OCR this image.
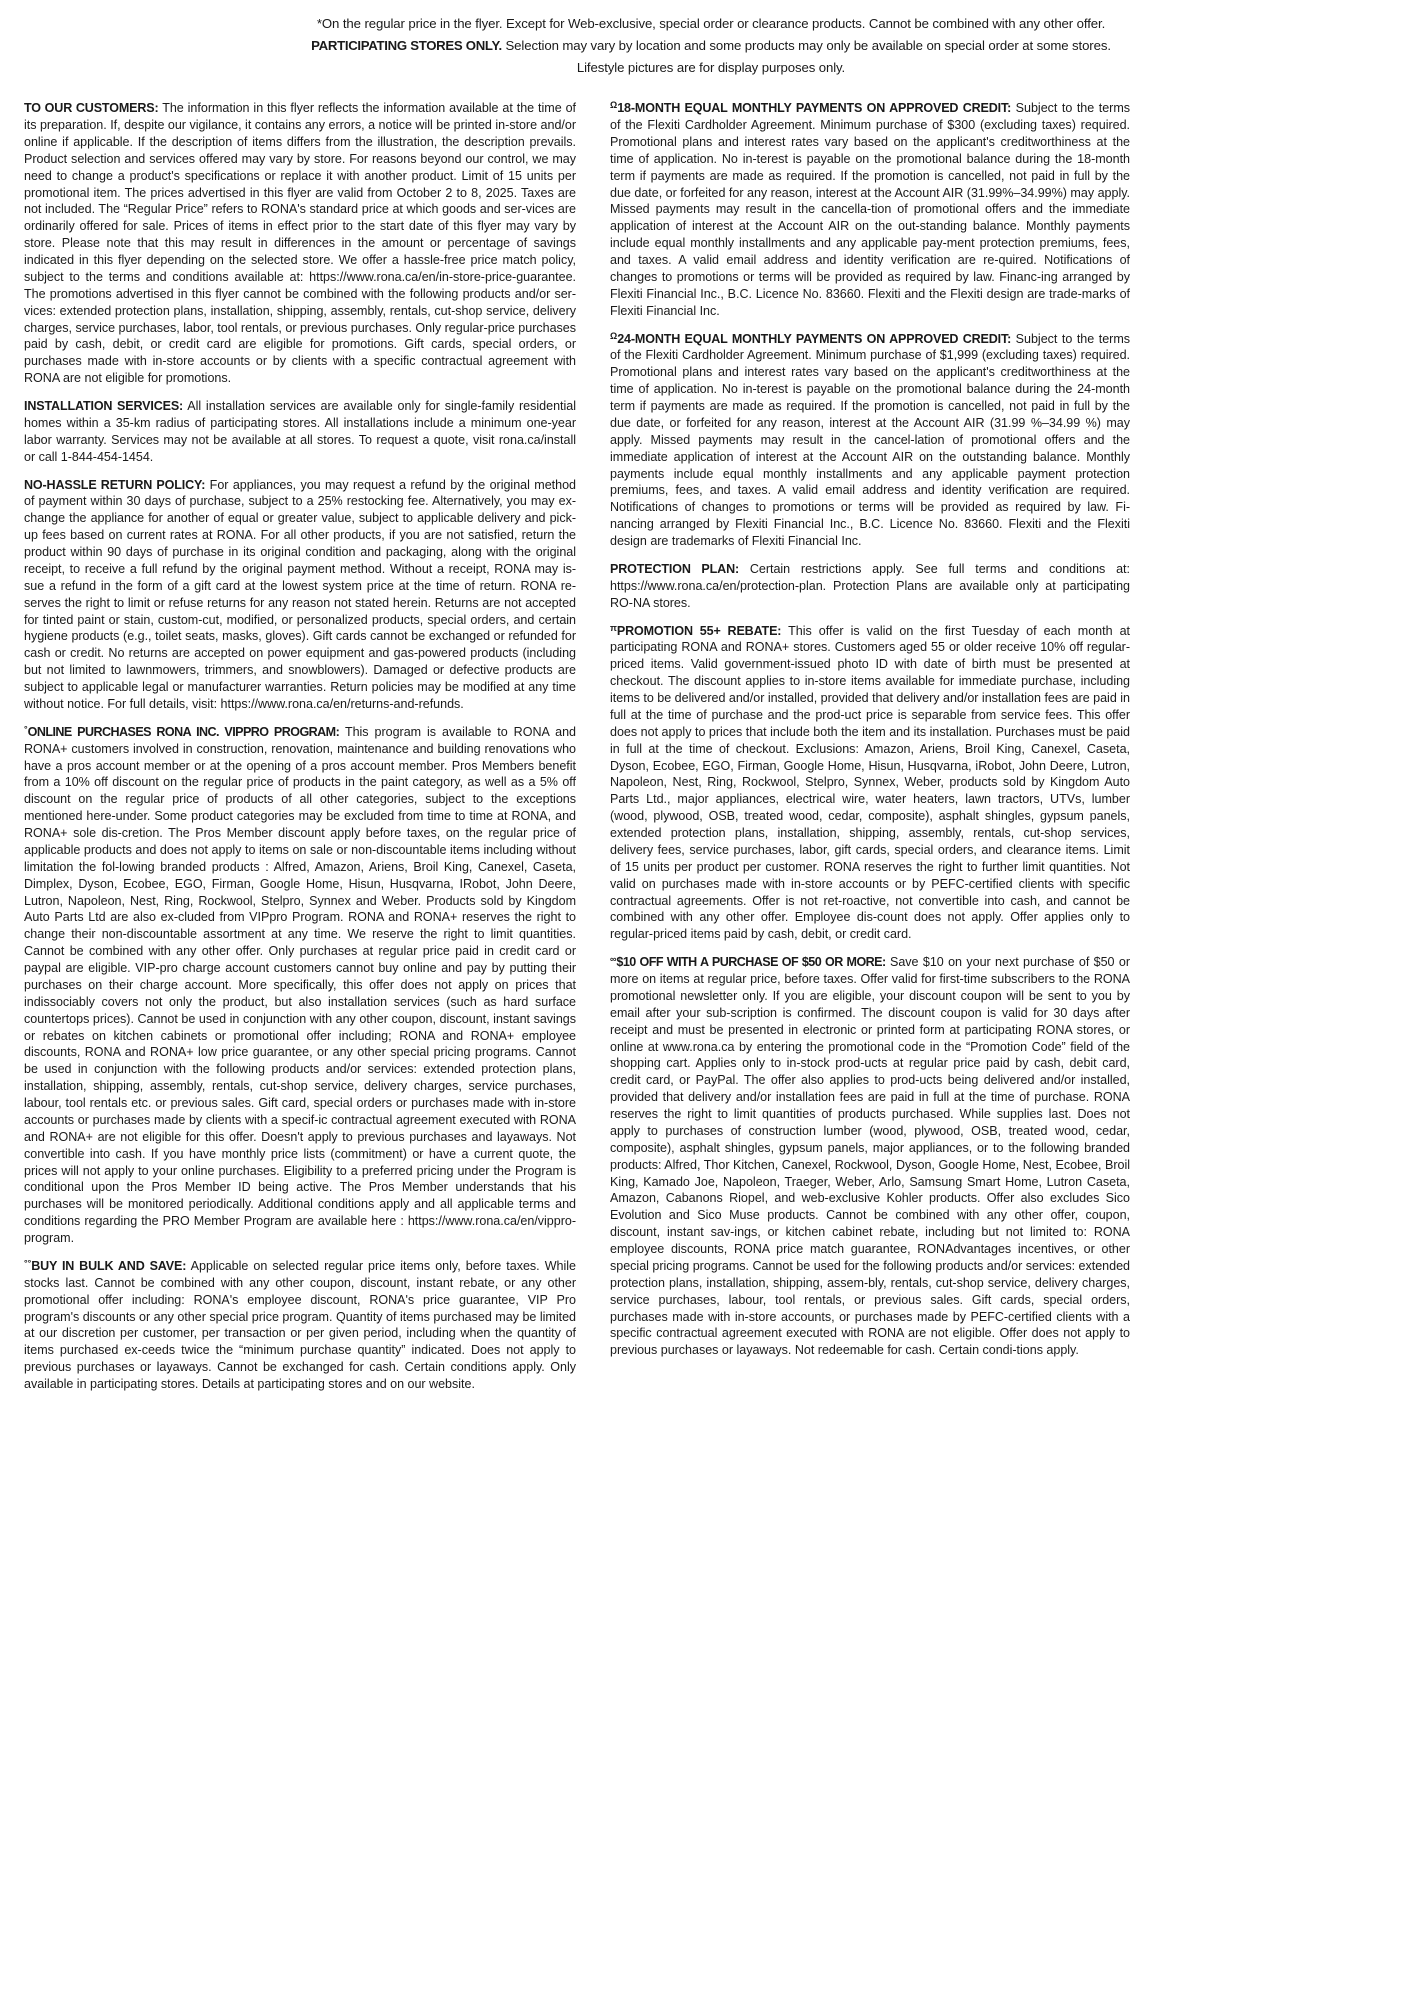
*On the regular price in the flyer. Except for Web-exclusive, special order or clearance products. Cannot be combined with any other offer.

PARTICIPATING STORES ONLY. Selection may vary by location and some products may only be available on special order at some stores.

Lifestyle pictures are for display purposes only.

TO OUR CUSTOMERS: The information in this flyer reflects the information available at the time of its preparation. If, despite our vigilance, it contains any errors, a notice will be printed in-store and/or online if applicable. If the description of items differs from the illustration, the description prevails. Product selection and services offered may vary by store. For reasons beyond our control, we may need to change a product's specifications or replace it with another product. Limit of 15 units per promotional item. The prices advertised in this flyer are valid from October 2 to 8, 2025. Taxes are not included. The “Regular Price” refers to RONA's standard price at which goods and ser-vices are ordinarily offered for sale. Prices of items in effect prior to the start date of this flyer may vary by store. Please note that this may result in differences in the amount or percentage of savings indicated in this flyer depending on the selected store. We offer a hassle-free price match policy, subject to the terms and conditions available at: https://www.rona.ca/en/in-store-price-guarantee. The promotions advertised in this flyer cannot be combined with the following products and/or ser-vices: extended protection plans, installation, shipping, assembly, rentals, cut-shop service, delivery charges, service purchases, labor, tool rentals, or previous purchases. Only regular-price purchases paid by cash, debit, or credit card are eligible for promotions. Gift cards, special orders, or purchases made with in-store accounts or by clients with a specific contractual agreement with RONA are not eligible for promotions.

INSTALLATION SERVICES: All installation services are available only for single-family residential homes within a 35-km radius of participating stores. All installations include a minimum one-year labor warranty. Services may not be available at all stores. To request a quote, visit rona.ca/install or call 1-844-454-1454.

NO-HASSLE RETURN POLICY: For appliances, you may request a refund by the original method of payment within 30 days of purchase, subject to a 25% restocking fee. Alternatively, you may ex-change the appliance for another of equal or greater value, subject to applicable delivery and pick-up fees based on current rates at RONA. For all other products, if you are not satisfied, return the product within 90 days of purchase in its original condition and packaging, along with the original receipt, to receive a full refund by the original payment method. Without a receipt, RONA may is-sue a refund in the form of a gift card at the lowest system price at the time of return. RONA re-serves the right to limit or refuse returns for any reason not stated herein. Returns are not accepted for tinted paint or stain, custom-cut, modified, or personalized products, special orders, and certain hygiene products (e.g., toilet seats, masks, gloves). Gift cards cannot be exchanged or refunded for cash or credit. No returns are accepted on power equipment and gas-powered products (including but not limited to lawnmowers, trimmers, and snowblowers). Damaged or defective products are subject to applicable legal or manufacturer warranties. Return policies may be modified at any time without notice. For full details, visit: https://www.rona.ca/en/returns-and-refunds.

°ONLINE PURCHASES RONA INC. VIPPRO PROGRAM: This program is available to RONA and RONA+ customers involved in construction, renovation, maintenance and building renovations who have a pros account member or at the opening of a pros account member. Pros Members benefit from a 10% off discount on the regular price of products in the paint category, as well as a 5% off discount on the regular price of products of all other categories, subject to the exceptions mentioned here-under. Some product categories may be excluded from time to time at RONA, and RONA+ sole dis-cretion. The Pros Member discount apply before taxes, on the regular price of applicable products and does not apply to items on sale or non-discountable items including without limitation the fol-lowing branded products : Alfred, Amazon, Ariens, Broil King, Canexel, Caseta, Dimplex, Dyson, Ecobee, EGO, Firman, Google Home, Hisun, Husqvarna, IRobot, John Deere, Lutron, Napoleon, Nest, Ring, Rockwool, Stelpro, Synnex and Weber. Products sold by Kingdom Auto Parts Ltd are also ex-cluded from VIPpro Program. RONA and RONA+ reserves the right to change their non-discountable assortment at any time. We reserve the right to limit quantities. Cannot be combined with any other offer. Only purchases at regular price paid in credit card or paypal are eligible. VIP-pro charge account customers cannot buy online and pay by putting their purchases on their charge account. More specifically, this offer does not apply on prices that indissociably covers not only the product, but also installation services (such as hard surface countertops prices). Cannot be used in conjunction with any other coupon, discount, instant savings or rebates on kitchen cabinets or promotional offer including; RONA and RONA+ employee discounts, RONA and RONA+ low price guarantee, or any other special pricing programs. Cannot be used in conjunction with the following products and/or services: extended protection plans, installation, shipping, assembly, rentals, cut-shop service, delivery charges, service purchases, labour, tool rentals etc. or previous sales. Gift card, special orders or purchases made with in-store accounts or purchases made by clients with a specif-ic contractual agreement executed with RONA and RONA+ are not eligible for this offer. Doesn't apply to previous purchases and layaways. Not convertible into cash. If you have monthly price lists (commitment) or have a current quote, the prices will not apply to your online purchases. Eligibility to a preferred pricing under the Program is conditional upon the Pros Member ID being active. The Pros Member understands that his purchases will be monitored periodically. Additional conditions apply and all applicable terms and conditions regarding the PRO Member Program are available here : https://www.rona.ca/en/vippro-program.

°°BUY IN BULK AND SAVE: Applicable on selected regular price items only, before taxes. While stocks last. Cannot be combined with any other coupon, discount, instant rebate, or any other promotional offer including: RONA's employee discount, RONA's price guarantee, VIP Pro program's discounts or any other special price program. Quantity of items purchased may be limited at our discretion per customer, per transaction or per given period, including when the quantity of items purchased ex-ceeds twice the “minimum purchase quantity” indicated. Does not apply to previous purchases or layaways. Cannot be exchanged for cash. Certain conditions apply. Only available in participating stores. Details at participating stores and on our website.

$^\Omega$18-MONTH EQUAL MONTHLY PAYMENTS ON APPROVED CREDIT: Subject to the terms of the Flexiti Cardholder Agreement. Minimum purchase of $300 (excluding taxes) required. Promotional plans and interest rates vary based on the applicant's creditworthiness at the time of application. No in-terest is payable on the promotional balance during the 18-month term if payments are made as required. If the promotion is cancelled, not paid in full by the due date, or forfeited for any reason, interest at the Account AIR (31.99%–34.99%) may apply. Missed payments may result in the cancella-tion of promotional offers and the immediate application of interest at the Account AIR on the out-standing balance. Monthly payments include equal monthly installments and any applicable pay-ment protection premiums, fees, and taxes. A valid email address and identity verification are re-quired. Notifications of changes to promotions or terms will be provided as required by law. Financ-ing arranged by Flexiti Financial Inc., B.C. Licence No. 83660. Flexiti and the Flexiti design are trade-marks of Flexiti Financial Inc.

$^\Omega$24-MONTH EQUAL MONTHLY PAYMENTS ON APPROVED CREDIT: Subject to the terms of the Flexiti Cardholder Agreement. Minimum purchase of $1,999 (excluding taxes) required. Promotional plans and interest rates vary based on the applicant's creditworthiness at the time of application. No in-terest is payable on the promotional balance during the 24-month term if payments are made as required. If the promotion is cancelled, not paid in full by the due date, or forfeited for any reason, interest at the Account AIR (31.99 %–34.99 %) may apply. Missed payments may result in the cancel-lation of promotional offers and the immediate application of interest at the Account AIR on the outstanding balance. Monthly payments include equal monthly installments and any applicable payment protection premiums, fees, and taxes. A valid email address and identity verification are required. Notifications of changes to promotions or terms will be provided as required by law. Fi-nancing arranged by Flexiti Financial Inc., B.C. Licence No. 83660. Flexiti and the Flexiti design are trademarks of Flexiti Financial Inc.

PROTECTION PLAN: Certain restrictions apply. See full terms and conditions at: https://www.rona.ca/en/protection-plan. Protection Plans are available only at participating RO-NA stores.

$^\pi$PROMOTION 55+ REBATE: This offer is valid on the first Tuesday of each month at participating RONA and RONA+ stores. Customers aged 55 or older receive 10% off regular-priced items. Valid government-issued photo ID with date of birth must be presented at checkout. The discount applies to in-store items available for immediate purchase, including items to be delivered and/or installed, provided that delivery and/or installation fees are paid in full at the time of purchase and the prod-uct price is separable from service fees. This offer does not apply to prices that include both the item and its installation. Purchases must be paid in full at the time of checkout. Exclusions: Amazon, Ariens, Broil King, Canexel, Caseta, Dyson, Ecobee, EGO, Firman, Google Home, Hisun, Husqvarna, iRobot, John Deere, Lutron, Napoleon, Nest, Ring, Rockwool, Stelpro, Synnex, Weber, products sold by Kingdom Auto Parts Ltd., major appliances, electrical wire, water heaters, lawn tractors, UTVs, lumber (wood, plywood, OSB, treated wood, cedar, composite), asphalt shingles, gypsum panels, extended protection plans, installation, shipping, assembly, rentals, cut-shop services, delivery fees, service purchases, labor, gift cards, special orders, and clearance items. Limit of 15 units per product per customer. RONA reserves the right to further limit quantities. Not valid on purchases made with in-store accounts or by PEFC-certified clients with specific contractual agreements. Offer is not ret-roactive, not convertible into cash, and cannot be combined with any other offer. Employee dis-count does not apply. Offer applies only to regular-priced items paid by cash, debit, or credit card.

∞$10 OFF WITH A PURCHASE OF $50 OR MORE: Save $10 on your next purchase of $50 or more on items at regular price, before taxes. Offer valid for first-time subscribers to the RONA promotional newsletter only. If you are eligible, your discount coupon will be sent to you by email after your sub-scription is confirmed. The discount coupon is valid for 30 days after receipt and must be presented in electronic or printed form at participating RONA stores, or online at www.rona.ca by entering the promotional code in the “Promotion Code” field of the shopping cart. Applies only to in-stock prod-ucts at regular price paid by cash, debit card, credit card, or PayPal. The offer also applies to prod-ucts being delivered and/or installed, provided that delivery and/or installation fees are paid in full at the time of purchase. RONA reserves the right to limit quantities of products purchased. While supplies last. Does not apply to purchases of construction lumber (wood, plywood, OSB, treated wood, cedar, composite), asphalt shingles, gypsum panels, major appliances, or to the following branded products: Alfred, Thor Kitchen, Canexel, Rockwool, Dyson, Google Home, Nest, Ecobee, Broil King, Kamado Joe, Napoleon, Traeger, Weber, Arlo, Samsung Smart Home, Lutron Caseta, Amazon, Cabanons Riopel, and web-exclusive Kohler products. Offer also excludes Sico Evolution and Sico Muse products. Cannot be combined with any other offer, coupon, discount, instant sav-ings, or kitchen cabinet rebate, including but not limited to: RONA employee discounts, RONA price match guarantee, RONAdvantages incentives, or other special pricing programs. Cannot be used for the following products and/or services: extended protection plans, installation, shipping, assem-bly, rentals, cut-shop service, delivery charges, service purchases, labour, tool rentals, or previous sales. Gift cards, special orders, purchases made with in-store accounts, or purchases made by PEFC-certified clients with a specific contractual agreement executed with RONA are not eligible. Offer does not apply to previous purchases or layaways. Not redeemable for cash. Certain condi-tions apply.
